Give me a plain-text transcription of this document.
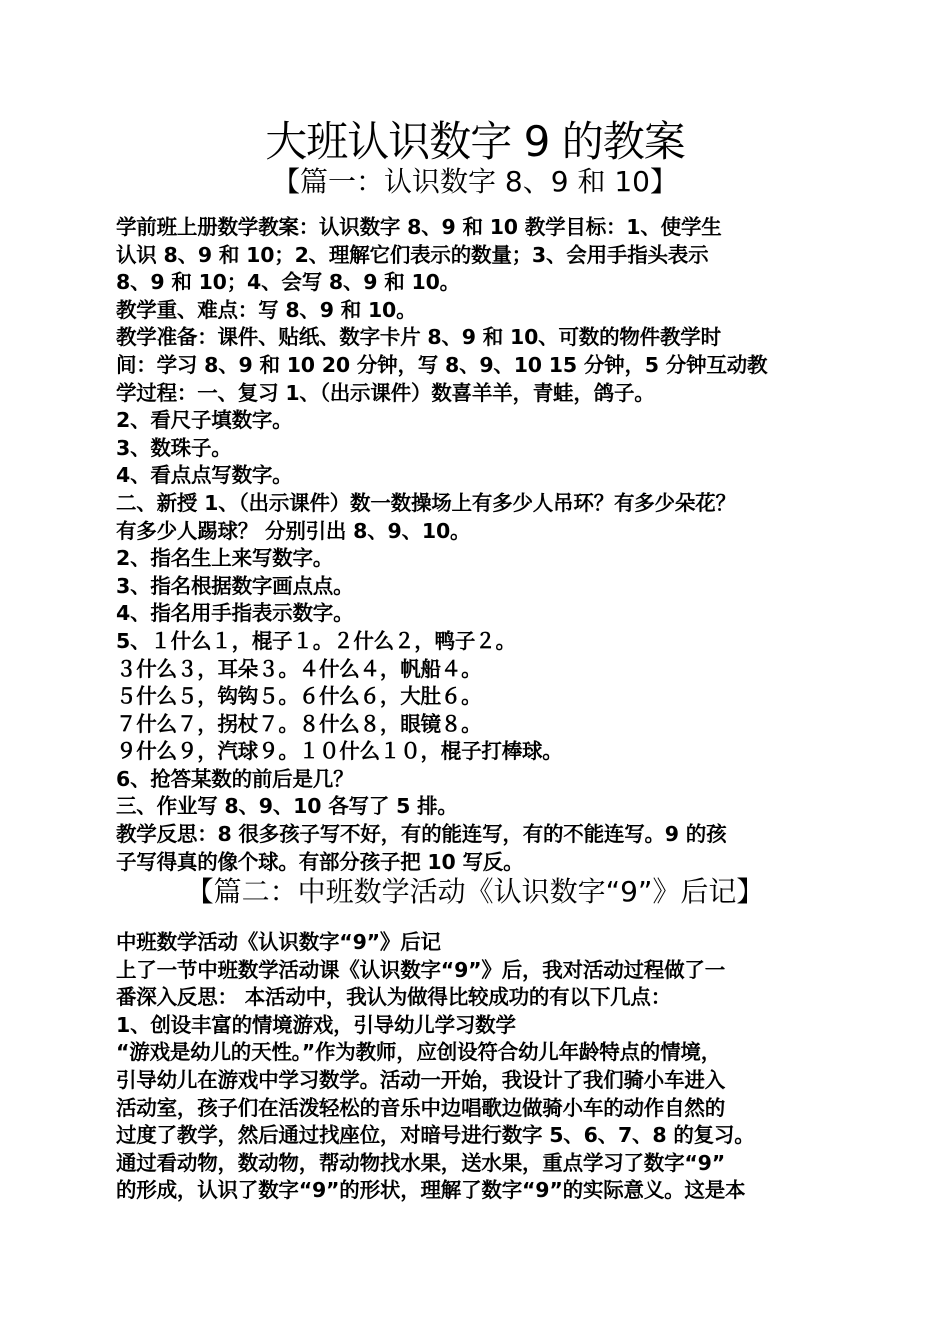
大班认识数字 9 的教案
【篇一：认识数字 8、9 和 10】
学前班上册数学教案：认识数字 8、9 和 10 教学目标：1、使学生
认识 8、9 和 10；2、理解它们表示的数量；3、会用手指头表示
8、9 和 10；4、会写 8、9 和 10。
教学重、难点：写 8、9 和 10。
教学准备：课件、贴纸、数字卡片 8、9 和 10、可数的物件教学时
间：学习 8、9 和 10 20 分钟，写 8、9、10 15 分钟，5 分钟互动教
学过程：一、复习 1、（出示课件）数喜羊羊，青蛙，鸽子。
2、看尺子填数字。
3、数珠子。
4、看点点写数字。
二、新授 1、（出示课件）数一数操场上有多少人吊环？有多少朵花？
有多少人踢球？ 分别引出 8、9、10。
2、指名生上来写数字。
3、指名根据数字画点点。
4、指名用手指表示数字。
5、１什么１，棍子１。２什么２，鸭子２。
３什么３，耳朵３。４什么４，帆船４。
５什么５，钩钩５。６什么６，大肚６。
７什么７，拐杖７。８什么８，眼镜８。
９什么９，汽球９。１０什么１０，棍子打棒球。
6、抢答某数的前后是几？
三、作业写 8、9、10 各写了 5 排。
教学反思：8 很多孩子写不好，有的能连写，有的不能连写。9 的孩
子写得真的像个球。有部分孩子把 10 写反。
【篇二：中班数学活动《认识数字“9”》后记】
中班数学活动《认识数字“9”》后记
上了一节中班数学活动课《认识数字“9”》后，我对活动过程做了一
番深入反思： 本活动中，我认为做得比较成功的有以下几点：
1、创设丰富的情境游戏，引导幼儿学习数学
“游戏是幼儿的天性。”作为教师，应创设符合幼儿年龄特点的情境，
引导幼儿在游戏中学习数学。活动一开始，我设计了我们骑小车进入
活动室，孩子们在活泼轻松的音乐中边唱歌边做骑小车的动作自然的
过度了教学，然后通过找座位，对暗号进行数字 5、6、7、8 的复习。
通过看动物，数动物，帮动物找水果，送水果，重点学习了数字“9”
的形成，认识了数字“9”的形状，理解了数字“9”的实际意义。这是本
